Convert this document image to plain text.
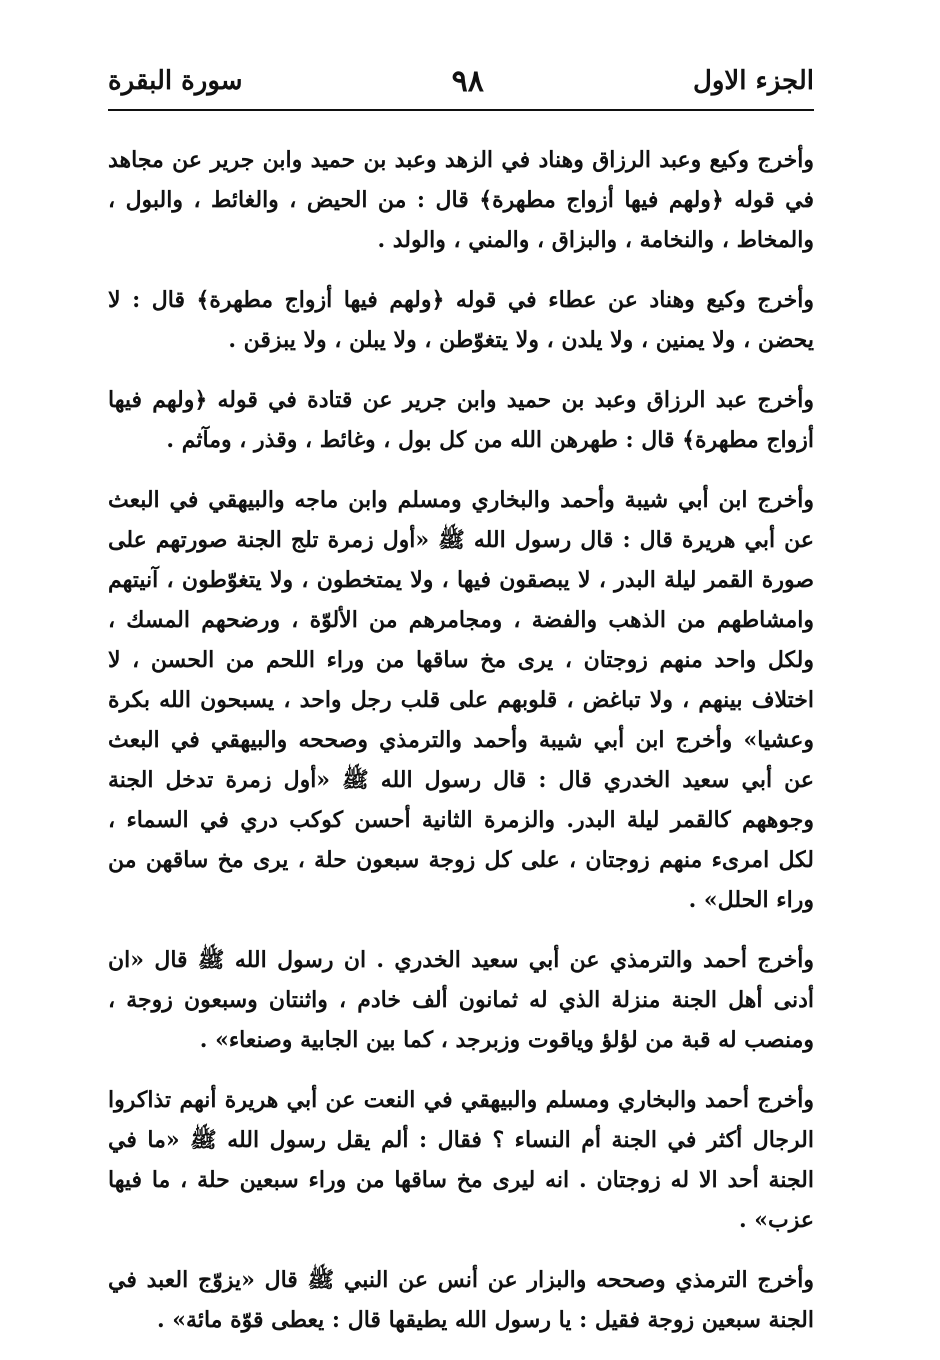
الجزء الاول
٩٨
سورة البقرة

وأخرج وكيع وعبد الرزاق وهناد في الزهد وعبد بن حميد وابن جرير عن مجاهد في قوله ﴿ولهم فيها أزواج مطهرة﴾ قال : من الحيض ، والغائط ، والبول ، والمخاط ، والنخامة ، والبزاق ، والمني ، والولد .

وأخرج وكيع وهناد عن عطاء في قوله ﴿ولهم فيها أزواج مطهرة﴾ قال : لا يحضن ، ولا يمنين ، ولا يلدن ، ولا يتغوّطن ، ولا يبلن ، ولا يبزقن .

وأخرج عبد الرزاق وعبد بن حميد وابن جرير عن قتادة في قوله ﴿ولهم فيها أزواج مطهرة﴾ قال : طهرهن الله من كل بول ، وغائط ، وقذر ، ومآثم .

وأخرج ابن أبي شيبة وأحمد والبخاري ومسلم وابن ماجه والبيهقي في البعث عن أبي هريرة قال : قال رسول الله ﷺ «أول زمرة تلج الجنة صورتهم على صورة القمر ليلة البدر ، لا يبصقون فيها ، ولا يمتخطون ، ولا يتغوّطون ، آنيتهم وامشاطهم من الذهب والفضة ، ومجامرهم من الألوّة ، ورضحهم المسك ، ولكل واحد منهم زوجتان ، يرى مخ ساقها من وراء اللحم من الحسن ، لا اختلاف بينهم ، ولا تباغض ، قلوبهم على قلب رجل واحد ، يسبحون الله بكرة وعشيا» وأخرج ابن أبي شيبة وأحمد والترمذي وصححه والبيهقي في البعث عن أبي سعيد الخدري قال : قال رسول الله ﷺ «أول زمرة تدخل الجنة وجوههم كالقمر ليلة البدر. والزمرة الثانية أحسن كوكب دري في السماء ، لكل امرىء منهم زوجتان ، على كل زوجة سبعون حلة ، يرى مخ ساقهن من وراء الحلل» .

وأخرج أحمد والترمذي عن أبي سعيد الخدري . ان رسول الله ﷺ قال «ان أدنى أهل الجنة منزلة الذي له ثمانون ألف خادم ، واثنتان وسبعون زوجة ، ومنصب له قبة من لؤلؤ وياقوت وزبرجد ، كما بين الجابية وصنعاء» .

وأخرج أحمد والبخاري ومسلم والبيهقي في النعت عن أبي هريرة أنهم تذاكروا الرجال أكثر في الجنة أم النساء ؟ فقال : ألم يقل رسول الله ﷺ «ما في الجنة أحد الا له زوجتان . انه ليرى مخ ساقها من وراء سبعين حلة ، ما فيها عزب» .

وأخرج الترمذي وصححه والبزار عن أنس عن النبي ﷺ قال «يزوّج العبد في الجنة سبعين زوجة فقيل : يا رسول الله يطيقها قال : يعطى قوّة مائة» .
